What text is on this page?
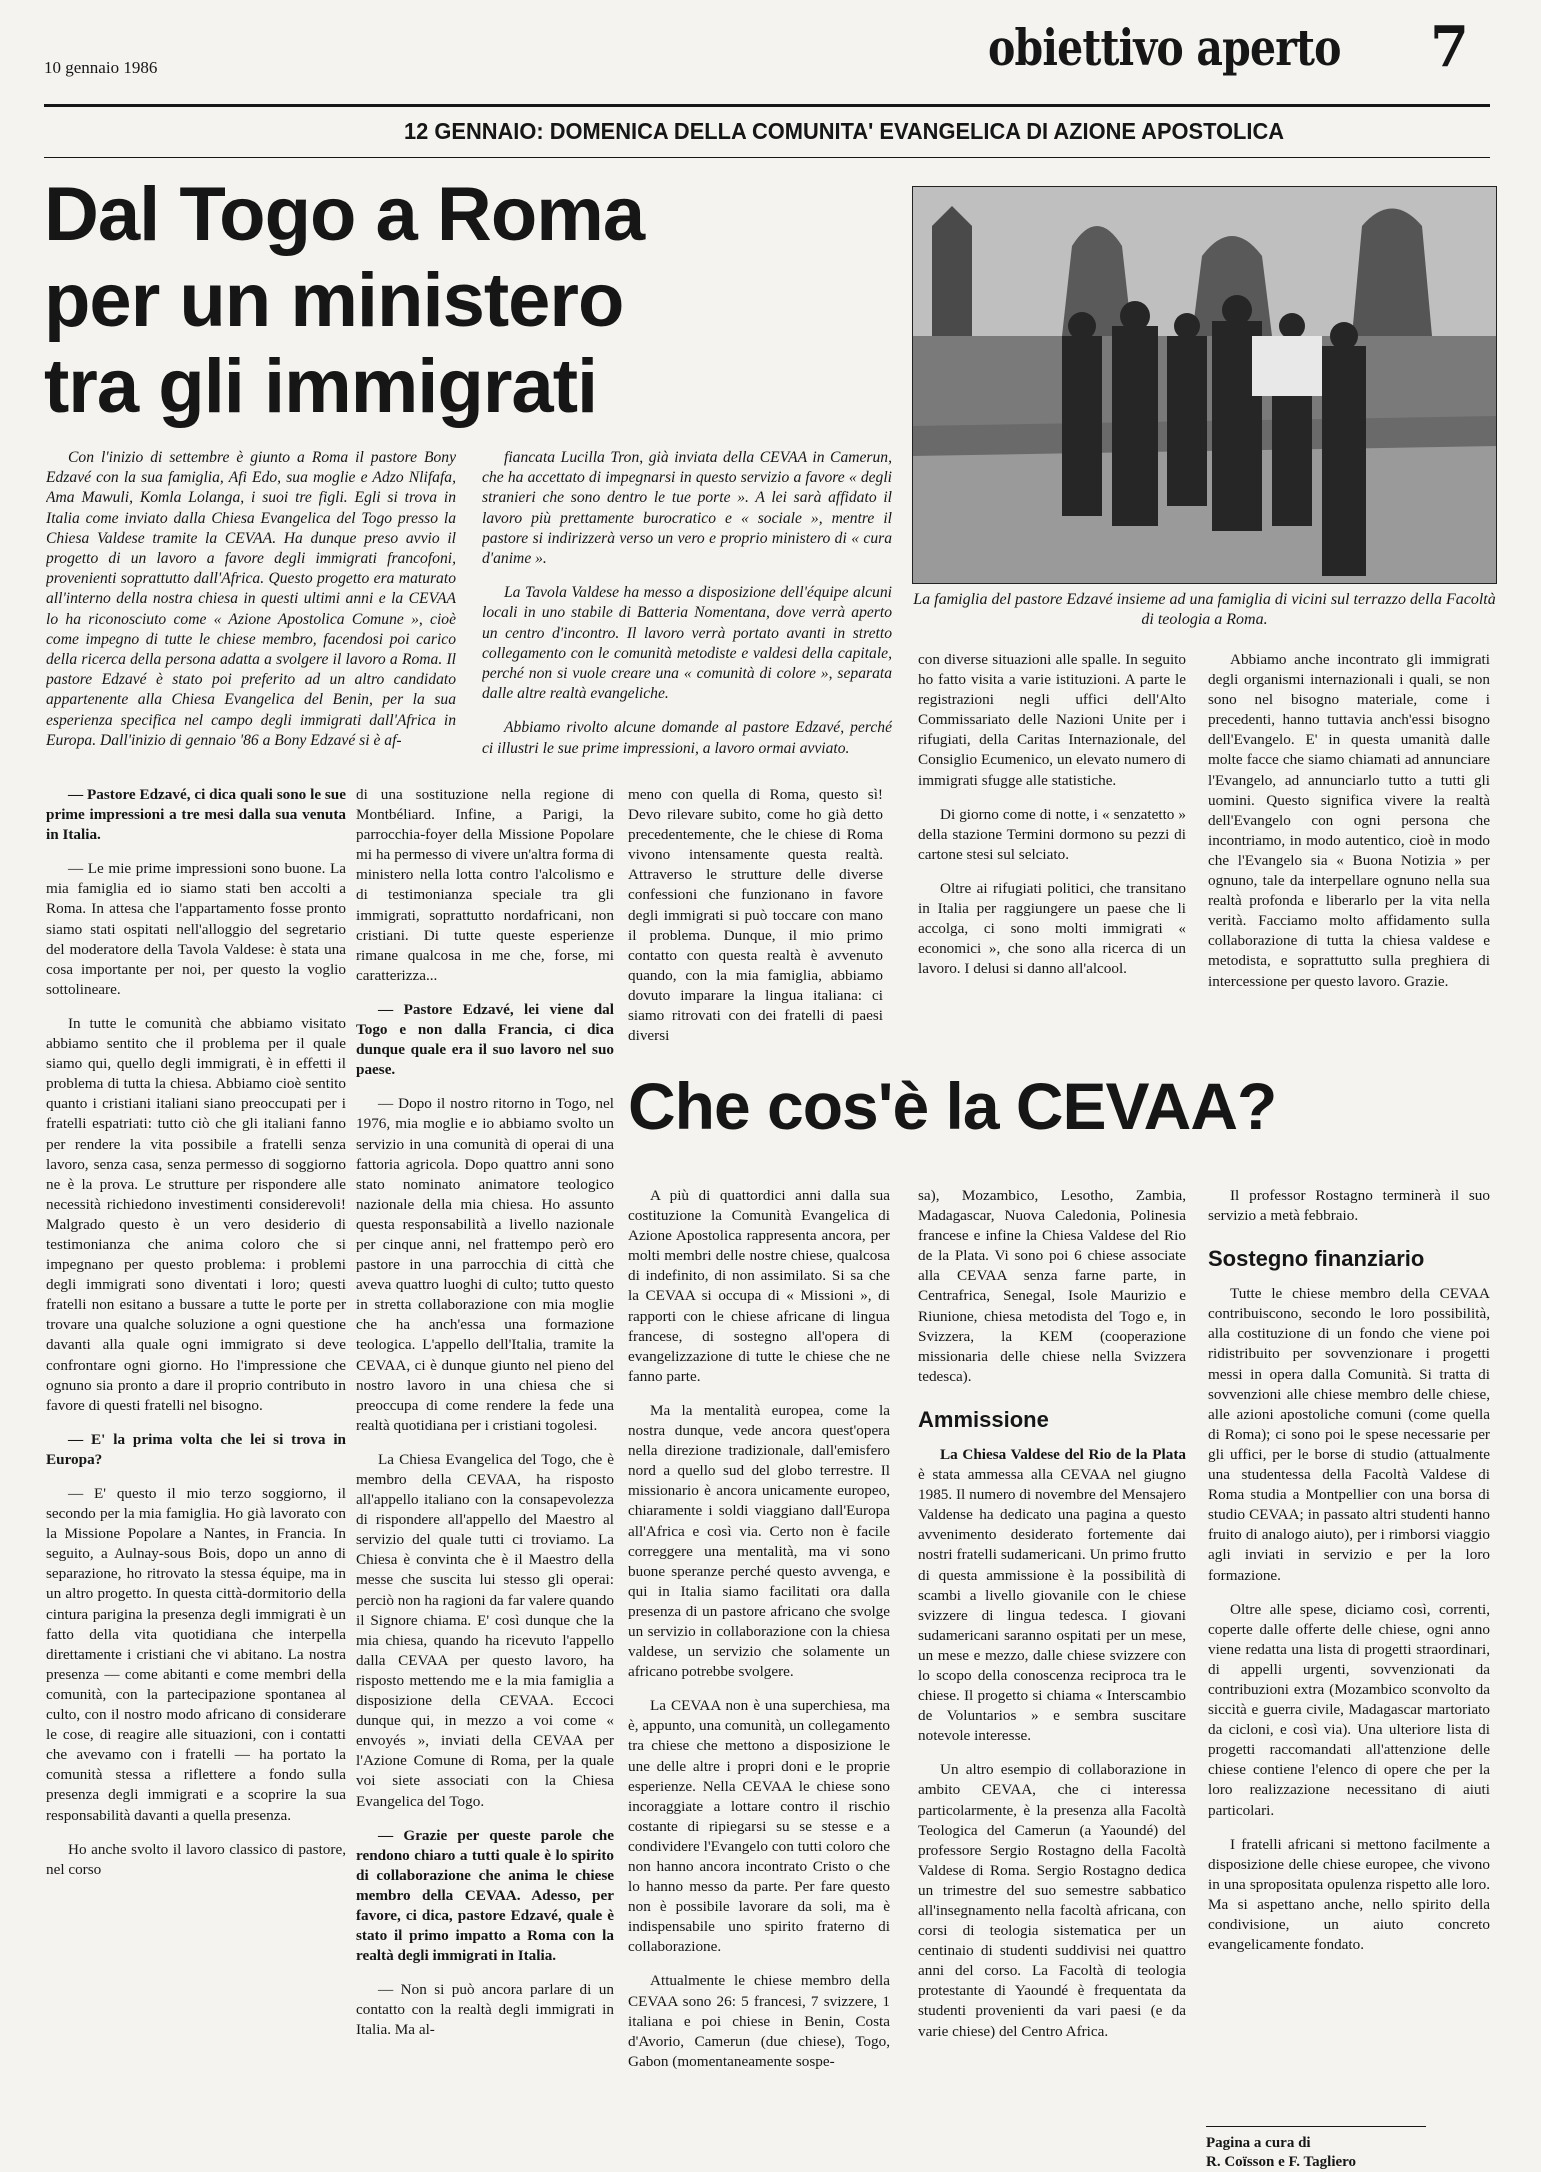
10 gennaio 1986	obiettivo aperto 7
12 GENNAIO: DOMENICA DELLA COMUNITA' EVANGELICA DI AZIONE APOSTOLICA
Dal Togo a Roma
per un ministero
tra gli immigrati

Con l'inizio di settembre è giunto a Roma il pastore Bony Edzavé con la sua famiglia, Afi Edo, sua moglie e Adzo Nlifafa, Ama Mawuli, Komla Lolanga, i suoi tre figli. Egli si trova in Italia come inviato dalla Chiesa Evangelica del Togo presso la Chiesa Valdese tramite la CEVAA. Ha dunque preso avvio il progetto di un lavoro a favore degli immigrati francofoni, provenienti soprattutto dall'Africa. Questo progetto era maturato all'interno della nostra chiesa in questi ultimi anni e la CEVAA lo ha riconosciuto come « Azione Apostolica Comune », cioè come impegno di tutte le chiese membro, facendosi poi carico della ricerca della persona adatta a svolgere il lavoro a Roma. Il pastore Edzavé è stato poi preferito ad un altro candidato appartenente alla Chiesa Evangelica del Benin, per la sua esperienza specifica nel campo degli immigrati dall'Africa in Europa. Dall'inizio di gennaio '86 a Bony Edzavé si è af-

fiancata Lucilla Tron, già inviata della CEVAA in Camerun, che ha accettato di impegnarsi in questo servizio a favore « degli stranieri che sono dentro le tue porte ». A lei sarà affidato il lavoro più prettamente burocratico e « sociale », mentre il pastore si indirizzerà verso un vero e proprio ministero di « cura d'anime ».

La Tavola Valdese ha messo a disposizione dell'équipe alcuni locali in uno stabile di Batteria Nomentana, dove verrà aperto un centro d'incontro. Il lavoro verrà portato avanti in stretto collegamento con le comunità metodiste e valdesi della capitale, perché non si vuole creare una « comunità di colore », separata dalle altre realtà evangeliche.

Abbiamo rivolto alcune domande al pastore Edzavé, perché ci illustri le sue prime impressioni, a lavoro ormai avviato.

La famiglia del pastore Edzavé insieme ad una famiglia di vicini sul terrazzo della Facoltà di teologia a Roma.

— Pastore Edzavé, ci dica quali sono le sue prime impressioni a tre mesi dalla sua venuta in Italia.

— Le mie prime impressioni sono buone. La mia famiglia ed io siamo stati ben accolti a Roma. In attesa che l'appartamento fosse pronto siamo stati ospitati nell'alloggio del segretario del moderatore della Tavola Valdese: è stata una cosa importante per noi, per questo la voglio sottolineare.

In tutte le comunità che abbiamo visitato abbiamo sentito che il problema per il quale siamo qui, quello degli immigrati, è in effetti il problema di tutta la chiesa. Abbiamo cioè sentito quanto i cristiani italiani siano preoccupati per i fratelli espatriati: tutto ciò che gli italiani fanno per rendere la vita possibile a fratelli senza lavoro, senza casa, senza permesso di soggiorno ne è la prova. Le strutture per rispondere alle necessità richiedono investimenti considerevoli! Malgrado questo è un vero desiderio di testimonianza che anima coloro che si impegnano per questo problema: i problemi degli immigrati sono diventati i loro; questi fratelli non esitano a bussare a tutte le porte per trovare una qualche soluzione a ogni questione davanti alla quale ogni immigrato si deve confrontare ogni giorno. Ho l'impressione che ognuno sia pronto a dare il proprio contributo in favore di questi fratelli nel bisogno.

— E' la prima volta che lei si trova in Europa?

— E' questo il mio terzo soggiorno, il secondo per la mia famiglia. Ho già lavorato con la Missione Popolare a Nantes, in Francia. In seguito, a Aulnay-sous Bois, dopo un anno di separazione, ho ritrovato la stessa équipe, ma in un altro progetto. In questa città-dormitorio della cintura parigina la presenza degli immigrati è un fatto della vita quotidiana che interpella direttamente i cristiani che vi abitano. La nostra presenza — come abitanti e come membri della comunità, con la partecipazione spontanea al culto, con il nostro modo africano di considerare le cose, di reagire alle situazioni, con i contatti che avevamo con i fratelli — ha portato la comunità stessa a riflettere a fondo sulla presenza degli immigrati e a scoprire la sua responsabilità davanti a quella presenza.

Ho anche svolto il lavoro classico di pastore, nel corso

di una sostituzione nella regione di Montbéliard. Infine, a Parigi, la parrocchia-foyer della Missione Popolare mi ha permesso di vivere un'altra forma di ministero nella lotta contro l'alcolismo e di testimonianza speciale tra gli immigrati, soprattutto nordafricani, non cristiani. Di tutte queste esperienze rimane qualcosa in me che, forse, mi caratterizza...

— Pastore Edzavé, lei viene dal Togo e non dalla Francia, ci dica dunque quale era il suo lavoro nel suo paese.

— Dopo il nostro ritorno in Togo, nel 1976, mia moglie e io abbiamo svolto un servizio in una comunità di operai di una fattoria agricola. Dopo quattro anni sono stato nominato animatore teologico nazionale della mia chiesa. Ho assunto questa responsabilità a livello nazionale per cinque anni, nel frattempo però ero pastore in una parrocchia di città che aveva quattro luoghi di culto; tutto questo in stretta collaborazione con mia moglie che ha anch'essa una formazione teologica. L'appello dell'Italia, tramite la CEVAA, ci è dunque giunto nel pieno del nostro lavoro in una chiesa che si preoccupa di come rendere la fede una realtà quotidiana per i cristiani togolesi.

La Chiesa Evangelica del Togo, che è membro della CEVAA, ha risposto all'appello italiano con la consapevolezza di rispondere all'appello del Maestro al servizio del quale tutti ci troviamo. La Chiesa è convinta che è il Maestro della messe che suscita lui stesso gli operai: perciò non ha ragioni da far valere quando il Signore chiama. E' così dunque che la mia chiesa, quando ha ricevuto l'appello dalla CEVAA per questo lavoro, ha risposto mettendo me e la mia famiglia a disposizione della CEVAA. Eccoci dunque qui, in mezzo a voi come « envoyés », inviati della CEVAA per l'Azione Comune di Roma, per la quale voi siete associati con la Chiesa Evangelica del Togo.

— Grazie per queste parole che rendono chiaro a tutti quale è lo spirito di collaborazione che anima le chiese membro della CEVAA. Adesso, per favore, ci dica, pastore Edzavé, quale è stato il primo impatto a Roma con la realtà degli immigrati in Italia.

— Non si può ancora parlare di un contatto con la realtà degli immigrati in Italia. Ma al-

meno con quella di Roma, questo sì! Devo rilevare subito, come ho già detto precedentemente, che le chiese di Roma vivono intensamente questa realtà. Attraverso le strutture delle diverse confessioni che funzionano in favore degli immigrati si può toccare con mano il problema. Dunque, il mio primo contatto con questa realtà è avvenuto quando, con la mia famiglia, abbiamo dovuto imparare la lingua italiana: ci siamo ritrovati con dei fratelli di paesi diversi

con diverse situazioni alle spalle. In seguito ho fatto visita a varie istituzioni. A parte le registrazioni negli uffici dell'Alto Commissariato delle Nazioni Unite per i rifugiati, della Caritas Internazionale, del Consiglio Ecumenico, un elevato numero di immigrati sfugge alle statistiche.

Di giorno come di notte, i « senzatetto » della stazione Termini dormono su pezzi di cartone stesi sul selciato.

Oltre ai rifugiati politici, che transitano in Italia per raggiungere un paese che li accolga, ci sono molti immigrati « economici », che sono alla ricerca di un lavoro. I delusi si danno all'alcool.

Abbiamo anche incontrato gli immigrati degli organismi internazionali i quali, se non sono nel bisogno materiale, come i precedenti, hanno tuttavia anch'essi bisogno dell'Evangelo. E' in questa umanità dalle molte facce che siamo chiamati ad annunciare l'Evangelo, ad annunciarlo tutto a tutti gli uomini. Questo significa vivere la realtà dell'Evangelo con ogni persona che incontriamo, in modo autentico, cioè in modo che l'Evangelo sia « Buona Notizia » per ognuno, tale da interpellare ognuno nella sua realtà profonda e liberarlo per la vita nella verità. Facciamo molto affidamento sulla collaborazione di tutta la chiesa valdese e metodista, e soprattutto sulla preghiera di intercessione per questo lavoro. Grazie.

Che cos'è la CEVAA?

A più di quattordici anni dalla sua costituzione la Comunità Evangelica di Azione Apostolica rappresenta ancora, per molti membri delle nostre chiese, qualcosa di indefinito, di non assimilato. Si sa che la CEVAA si occupa di « Missioni », di rapporti con le chiese africane di lingua francese, di sostegno all'opera di evangelizzazione di tutte le chiese che ne fanno parte.

Ma la mentalità europea, come la nostra dunque, vede ancora quest'opera nella direzione tradizionale, dall'emisfero nord a quello sud del globo terrestre. Il missionario è ancora unicamente europeo, chiaramente i soldi viaggiano dall'Europa all'Africa e così via. Certo non è facile correggere una mentalità, ma vi sono buone speranze perché questo avvenga, e qui in Italia siamo facilitati ora dalla presenza di un pastore africano che svolge un servizio in collaborazione con la chiesa valdese, un servizio che solamente un africano potrebbe svolgere.

La CEVAA non è una superchiesa, ma è, appunto, una comunità, un collegamento tra chiese che mettono a disposizione le une delle altre i propri doni e le proprie esperienze. Nella CEVAA le chiese sono incoraggiate a lottare contro il rischio costante di ripiegarsi su se stesse e a condividere l'Evangelo con tutti coloro che non hanno ancora incontrato Cristo o che lo hanno messo da parte. Per fare questo non è possibile lavorare da soli, ma è indispensabile uno spirito fraterno di collaborazione.

Attualmente le chiese membro della CEVAA sono 26: 5 francesi, 7 svizzere, 1 italiana e poi chiese in Benin, Costa d'Avorio, Camerun (due chiese), Togo, Gabon (momentaneamente sospe-

sa), Mozambico, Lesotho, Zambia, Madagascar, Nuova Caledonia, Polinesia francese e infine la Chiesa Valdese del Rio de la Plata. Vi sono poi 6 chiese associate alla CEVAA senza farne parte, in Centrafrica, Senegal, Isole Maurizio e Riunione, chiesa metodista del Togo e, in Svizzera, la KEM (cooperazione missionaria delle chiese nella Svizzera tedesca).

Ammissione

La Chiesa Valdese del Rio de la Plata è stata ammessa alla CEVAA nel giugno 1985. Il numero di novembre del Mensajero Valdense ha dedicato una pagina a questo avvenimento desiderato fortemente dai nostri fratelli sudamericani. Un primo frutto di questa ammissione è la possibilità di scambi a livello giovanile con le chiese svizzere di lingua tedesca. I giovani sudamericani saranno ospitati per un mese, un mese e mezzo, dalle chiese svizzere con lo scopo della conoscenza reciproca tra le chiese. Il progetto si chiama « Interscambio de Voluntarios » e sembra suscitare notevole interesse.

Un altro esempio di collaborazione in ambito CEVAA, che ci interessa particolarmente, è la presenza alla Facoltà Teologica del Camerun (a Yaoundé) del professore Sergio Rostagno della Facoltà Valdese di Roma. Sergio Rostagno dedica un trimestre del suo semestre sabbatico all'insegnamento nella facoltà africana, con corsi di teologia sistematica per un centinaio di studenti suddivisi nei quattro anni del corso. La Facoltà di teologia protestante di Yaoundé è frequentata da studenti provenienti da vari paesi (e da varie chiese) del Centro Africa.

Il professor Rostagno terminerà il suo servizio a metà febbraio.

Sostegno finanziario

Tutte le chiese membro della CEVAA contribuiscono, secondo le loro possibilità, alla costituzione di un fondo che viene poi ridistribuito per sovvenzionare i progetti messi in opera dalla Comunità. Si tratta di sovvenzioni alle chiese membro delle chiese, alle azioni apostoliche comuni (come quella di Roma); ci sono poi le spese necessarie per gli uffici, per le borse di studio (attualmente una studentessa della Facoltà Valdese di Roma studia a Montpellier con una borsa di studio CEVAA; in passato altri studenti hanno fruito di analogo aiuto), per i rimborsi viaggio agli inviati in servizio e per la loro formazione.

Oltre alle spese, diciamo così, correnti, coperte dalle offerte delle chiese, ogni anno viene redatta una lista di progetti straordinari, di appelli urgenti, sovvenzionati da contribuzioni extra (Mozambico sconvolto da siccità e guerra civile, Madagascar martoriato da cicloni, e così via). Una ulteriore lista di progetti raccomandati all'attenzione delle chiese contiene l'elenco di opere che per la loro realizzazione necessitano di aiuti particolari.

I fratelli africani si mettono facilmente a disposizione delle chiese europee, che vivono in una spropositata opulenza rispetto alle loro. Ma si aspettano anche, nello spirito della condivisione, un aiuto concreto evangelicamente fondato.

Pagina a cura di
R. Coïsson e F. Tagliero
